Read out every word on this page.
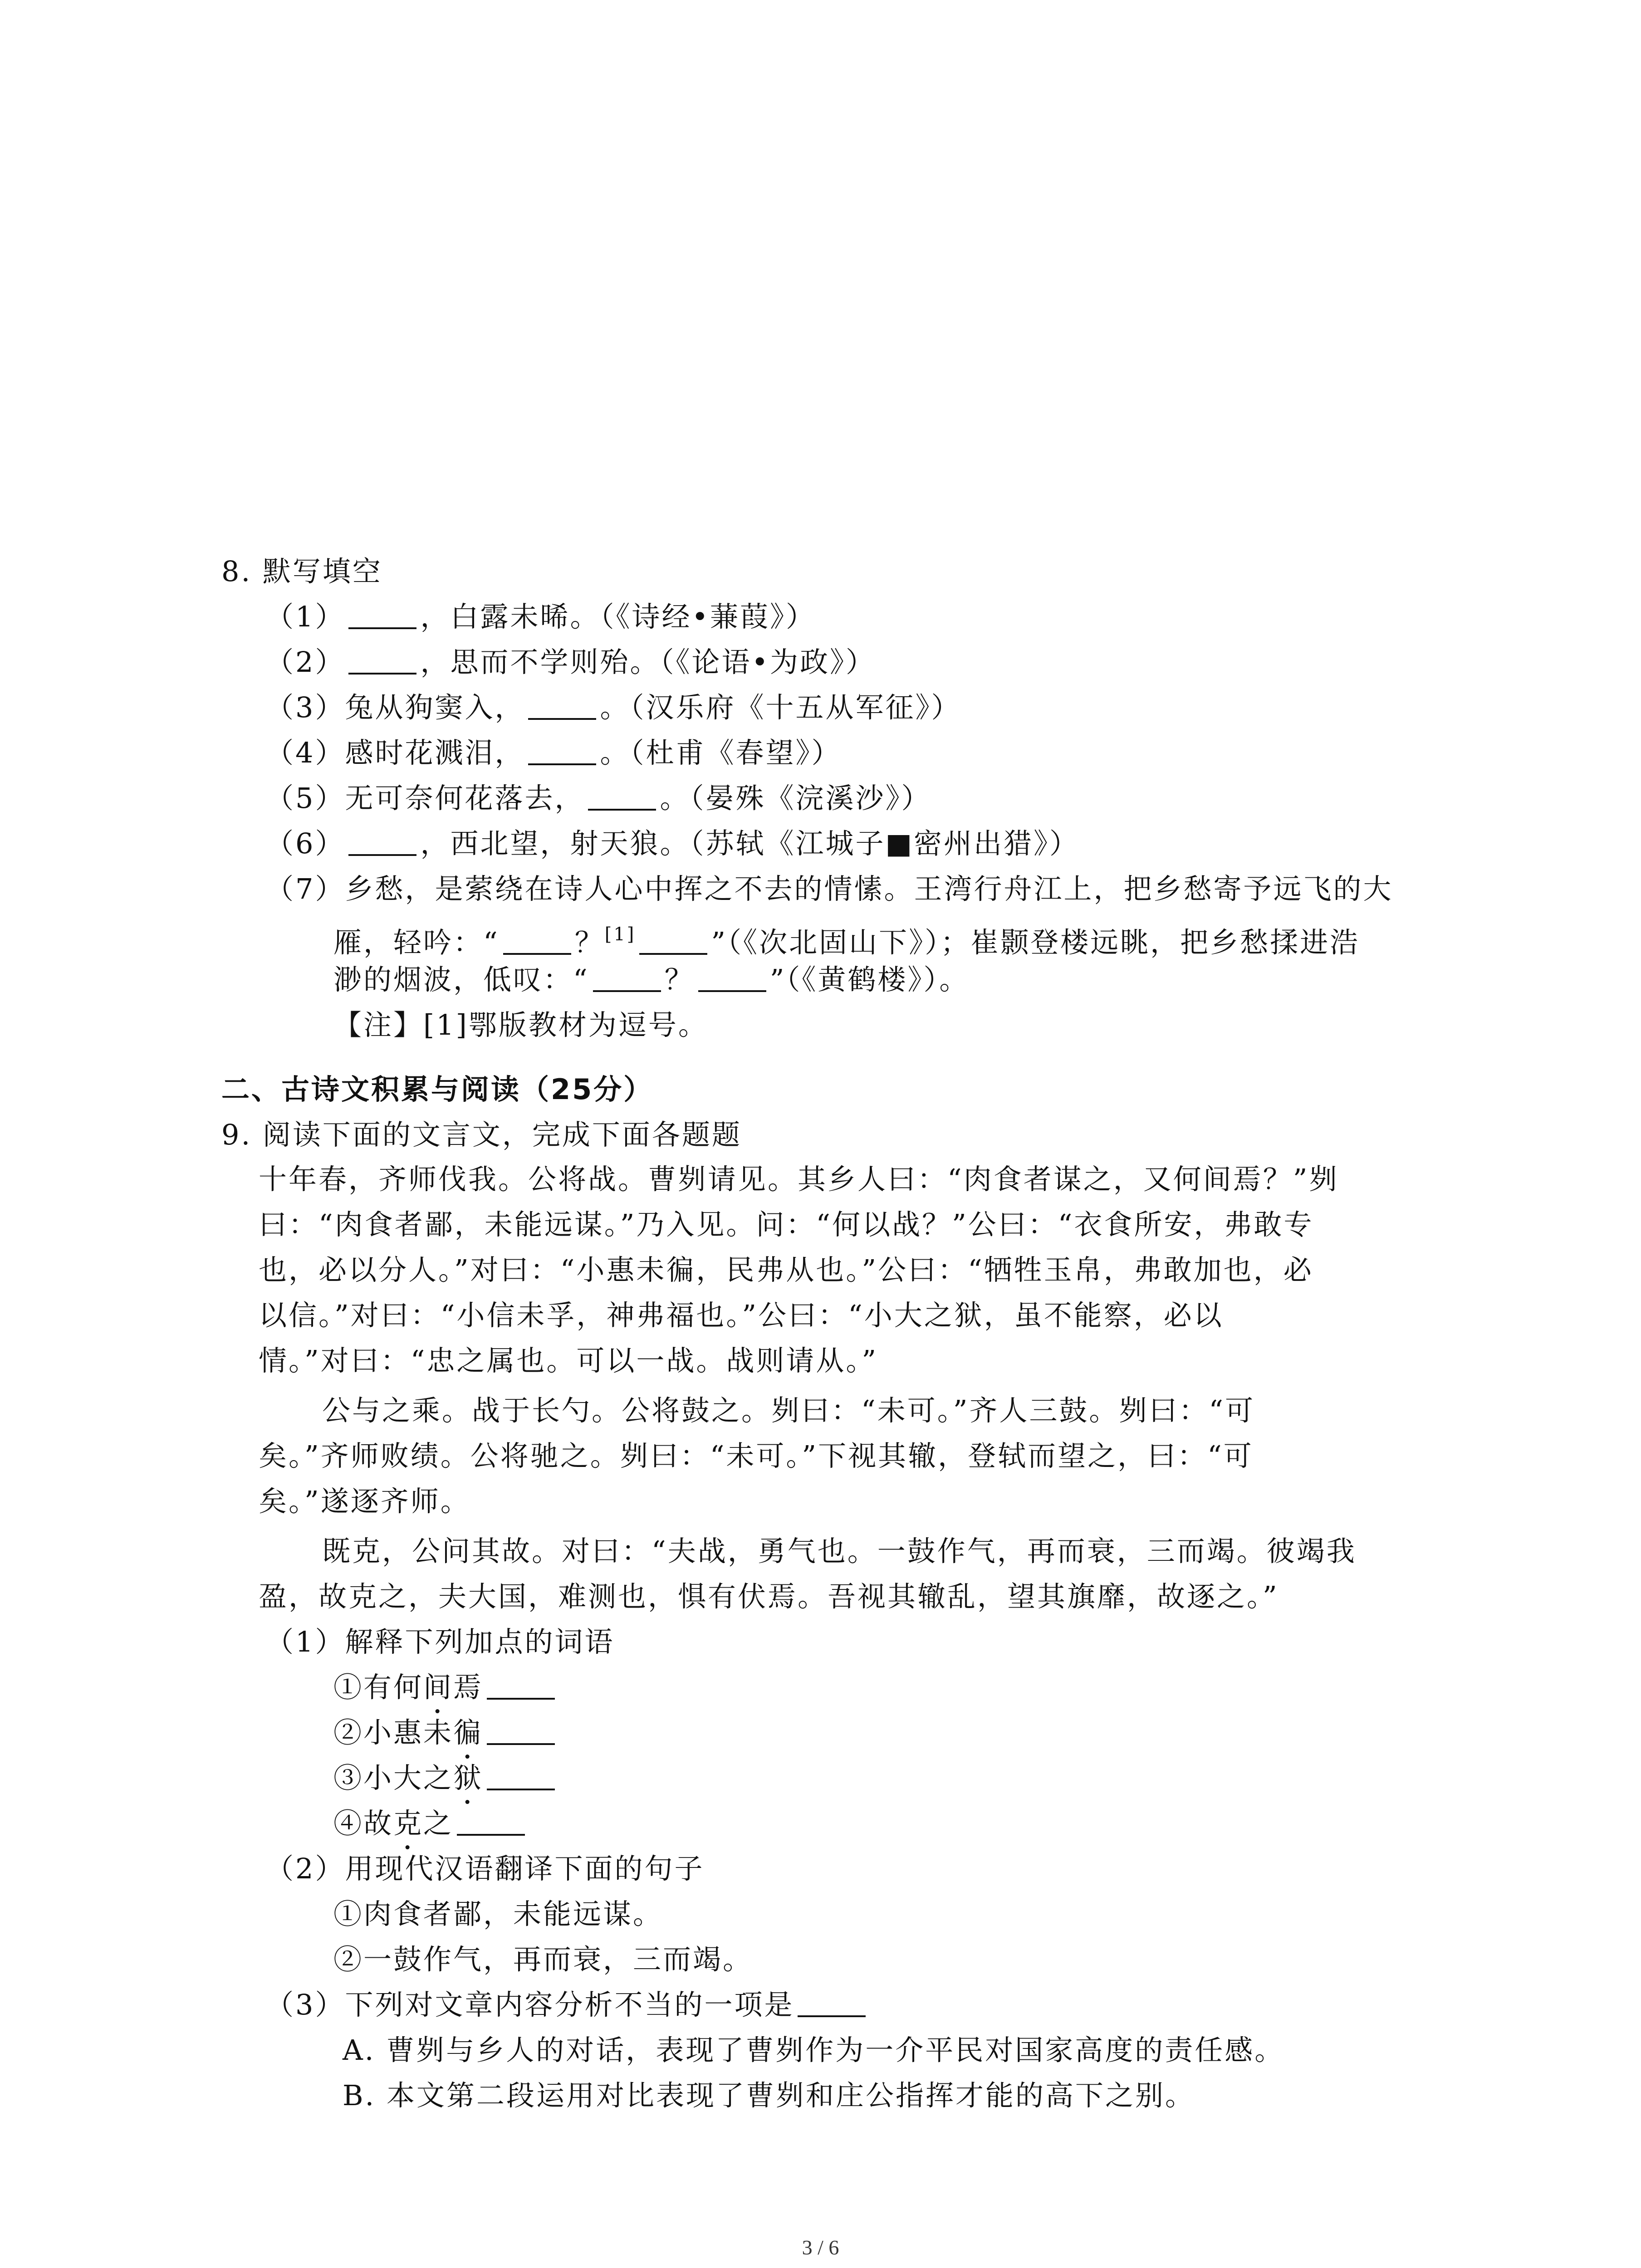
8. 默写填空
（1）	，白露未晞。（《诗经•蒹葭》）
（2）	，思而不学则殆。（《论语•为政》）
（3）兔从狗窦入，	。（汉乐府《十五从军征》）
（4）感时花溅泪，	。（杜甫《春望》）
（5）无可奈何花落去，	。（晏殊《浣溪沙》）
（6）	，西北望，射天狼。（苏轼《江城子■密州出猎》）
（7）乡愁，是萦绕在诗人心中挥之不去的情愫。王湾行舟江上，把乡愁寄予远飞的大
雁，轻吟：“	？[1]	”（《次北固山下》）；崔颢登楼远眺，把乡愁揉进浩
渺的烟波，低叹：“	？	”（《黄鹤楼》）。
【注】[1]鄂版教材为逗号。
二、古诗文积累与阅读（25分）
9. 阅读下面的文言文，完成下面各题题
十年春，齐师伐我。公将战。曹刿请见。其乡人曰：“肉食者谋之，又何间焉？”刿
曰：“肉食者鄙，未能远谋。”乃入见。问：“何以战？”公曰：“衣食所安，弗敢专
也，必以分人。”对曰：“小惠未徧，民弗从也。”公曰：“牺牲玉帛，弗敢加也，必
以信。”对曰：“小信未孚，神弗福也。”公曰：“小大之狱，虽不能察，必以
情。”对曰：“忠之属也。可以一战。战则请从。”
公与之乘。战于长勺。公将鼓之。刿曰：“未可。”齐人三鼓。刿曰：“可
矣。”齐师败绩。公将驰之。刿曰：“未可。”下视其辙，登轼而望之，曰：“可
矣。”遂逐齐师。
既克，公问其故。对曰：“夫战，勇气也。一鼓作气，再而衰，三而竭。彼竭我
盈，故克之，夫大国，难测也，惧有伏焉。吾视其辙乱，望其旗靡，故逐之。”
（1）解释下列加点的词语
①有何间焉
②小惠未徧
③小大之狱
④故克之
（2）用现代汉语翻译下面的句子
①肉食者鄙，未能远谋。
②一鼓作气，再而衰，三而竭。
（3）下列对文章内容分析不当的一项是
A. 曹刿与乡人的对话，表现了曹刿作为一介平民对国家高度的责任感。
B. 本文第二段运用对比表现了曹刿和庄公指挥才能的高下之别。
3 / 6
